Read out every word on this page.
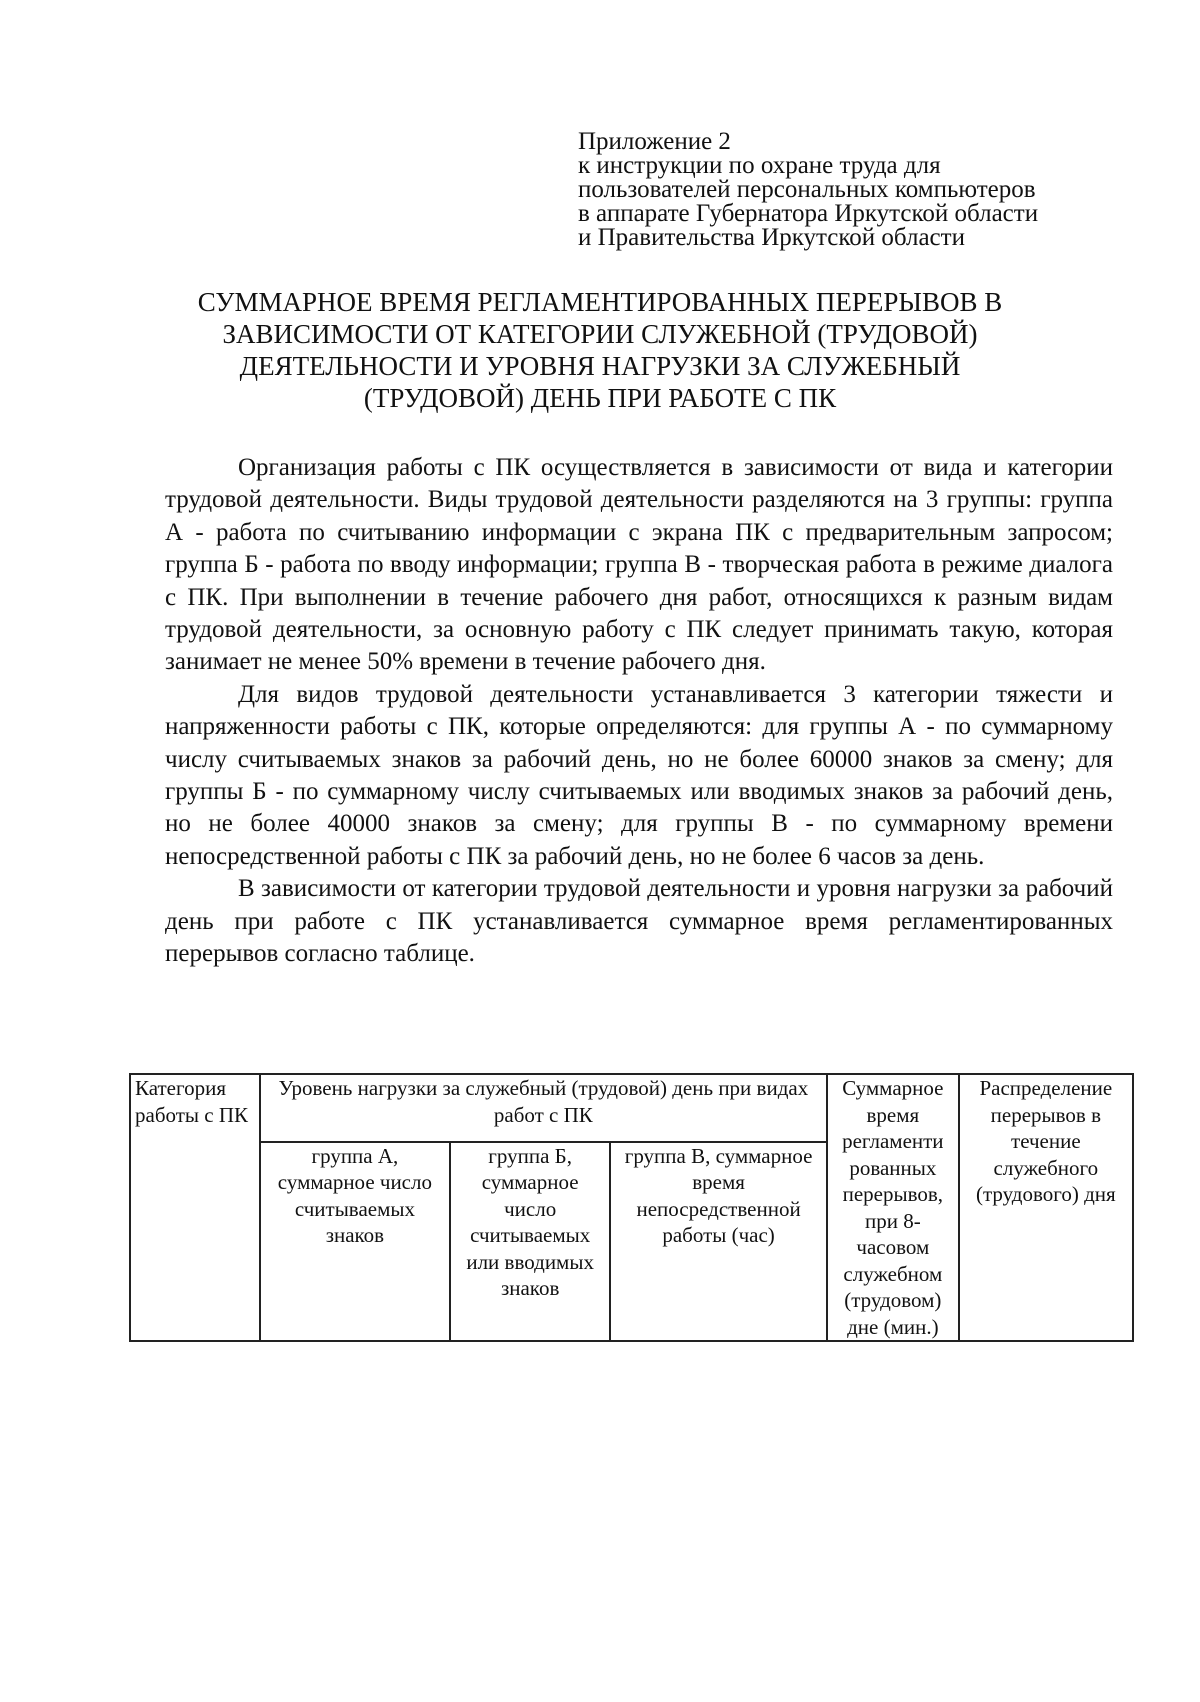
Приложение 2
к инструкции по охране труда для
пользователей персональных компьютеров
в аппарате Губернатора Иркутской области
и Правительства Иркутской области
СУММАРНОЕ ВРЕМЯ РЕГЛАМЕНТИРОВАННЫХ ПЕРЕРЫВОВ В
ЗАВИСИМОСТИ ОТ КАТЕГОРИИ СЛУЖЕБНОЙ (ТРУДОВОЙ)
ДЕЯТЕЛЬНОСТИ И УРОВНЯ НАГРУЗКИ ЗА СЛУЖЕБНЫЙ
(ТРУДОВОЙ) ДЕНЬ ПРИ РАБОТЕ С ПК

Организация работы с ПК осуществляется в зависимости от вида и категории трудовой деятельности. Виды трудовой деятельности разделяются на 3 группы: группа А - работа по считыванию информации с экрана ПК с предварительным запросом; группа Б - работа по вводу информации; группа В - творческая работа в режиме диалога с ПК. При выполнении в течение рабочего дня работ, относящихся к разным видам трудовой деятельности, за основную работу с ПК следует принимать такую, которая занимает не менее 50% времени в течение рабочего дня.

Для видов трудовой деятельности устанавливается 3 категории тяжести и напряженности работы с ПК, которые определяются: для группы А - по суммарному числу считываемых знаков за рабочий день, но не более 60000 знаков за смену; для группы Б - по суммарному числу считываемых или вводимых знаков за рабочий день, но не более 40000 знаков за смену; для группы В - по суммарному времени непосредственной работы с ПК за рабочий день, но не более 6 часов за день.

В зависимости от категории трудовой деятельности и уровня нагрузки за рабочий день при работе с ПК устанавливается суммарное время регламентированных перерывов согласно таблице.

Категория работы с ПК	Уровень нагрузки за служебный (трудовой) день при видах работ с ПК			Суммарное время регламенти рованных перерывов, при 8-часовом служебном (трудовом) дне (мин.)	Распределение перерывов в течение служебного (трудового) дня
	группа А, суммарное число считываемых знаков	группа Б, суммарное число считываемых или вводимых знаков	группа В, суммарное время непосредственной работы (час)		
